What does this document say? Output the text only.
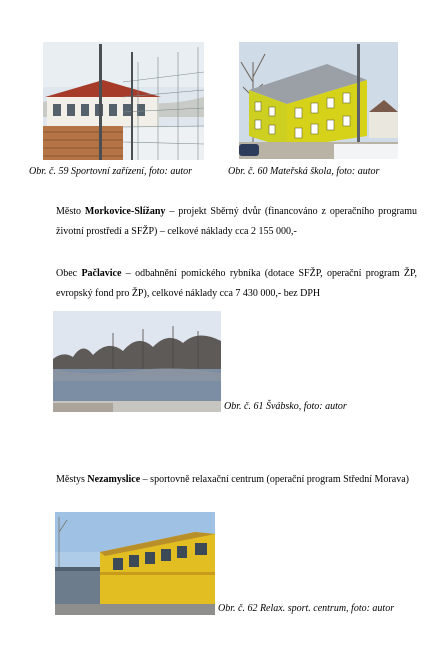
Obr. č. 59 Sportovní zařízení, foto: autor	Obr. č. 60 Mateřská škola, foto: autor
Město Morkovice-Slížany – projekt Sběrný dvůr (financováno z operačního programu životní prostředí a SFŽP) – celkové náklady cca 2 155 000,-
Obec Pačlavice – odbahnění pomického rybníka (dotace SFŽP, operační program ŽP, evropský fond pro ŽP), celkové náklady cca 7 430 000,- bez DPH
Obr. č. 61 Švábsko, foto: autor
Městys Nezamyslice – sportovně relaxační centrum (operační program Střední Morava)
Obr. č. 62 Relax. sport. centrum, foto: autor
